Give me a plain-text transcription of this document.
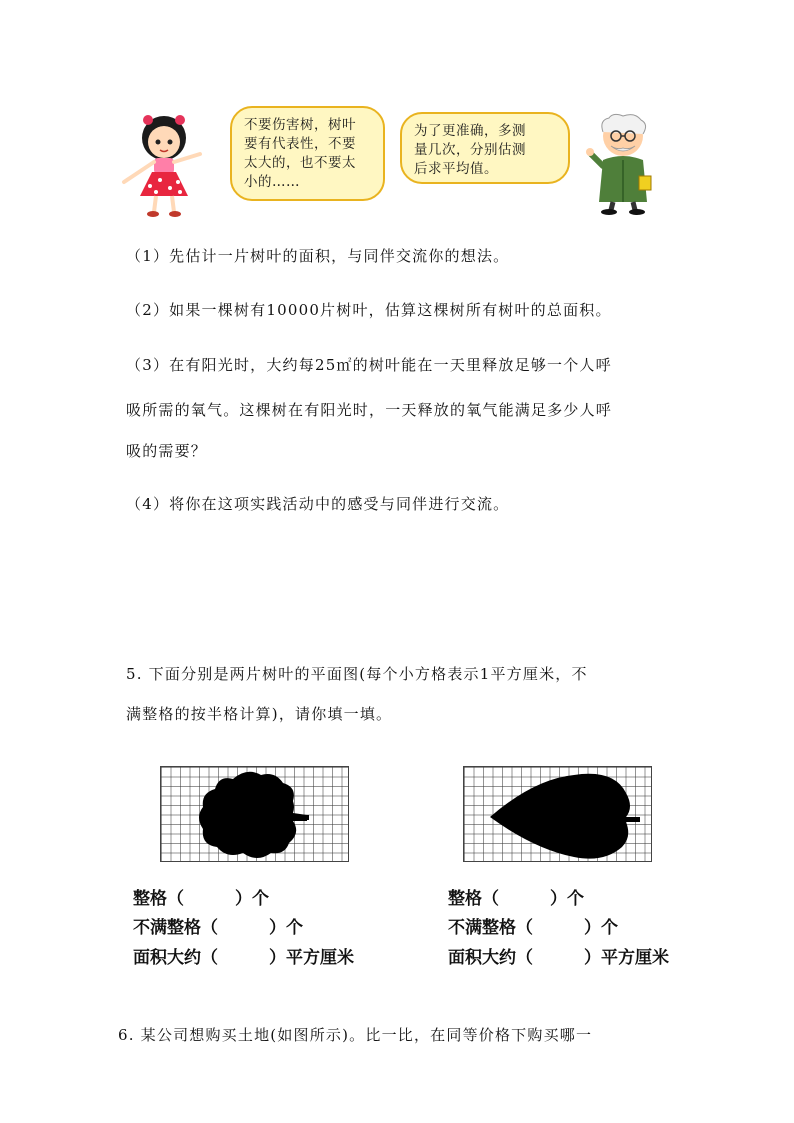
不要伤害树，树叶
要有代表性，不要
太大的，也不要太
小的……
为了更准确，多测
量几次，分别估测
后求平均值。
（1）先估计一片树叶的面积，与同伴交流你的想法。
（2）如果一棵树有10000片树叶，估算这棵树所有树叶的总面积。
（3）在有阳光时，大约每25㎡的树叶能在一天里释放足够一个人呼
吸所需的氧气。这棵树在有阳光时，一天释放的氧气能满足多少人呼
吸的需要？
（4）将你在这项实践活动中的感受与同伴进行交流。
5. 下面分别是两片树叶的平面图(每个小方格表示1平方厘米，不
满整格的按半格计算)，请你填一填。
整格（　　　）个
不满整格（　　　）个
面积大约（　　　）平方厘米
整格（　　　）个
不满整格（　　　）个
面积大约（　　　）平方厘米
6. 某公司想购买土地(如图所示)。比一比，在同等价格下购买哪一
